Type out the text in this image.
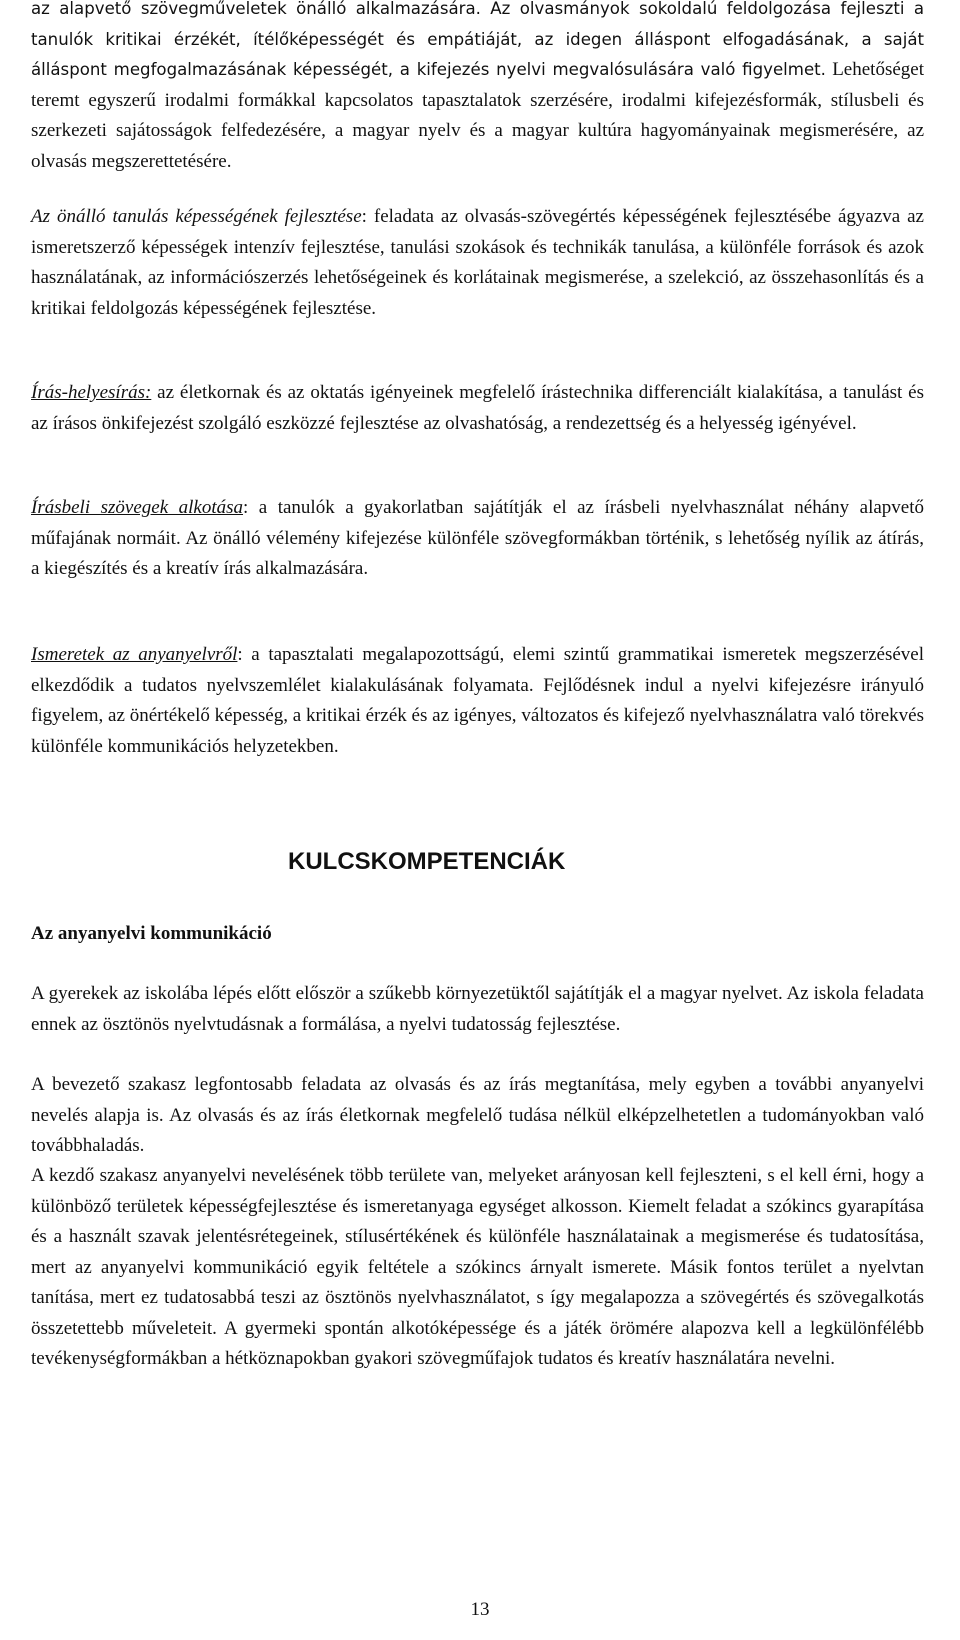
az alapvető szövegműveletek önálló alkalmazására. Az olvasmányok sokoldalú feldolgozása fejleszti a tanulók kritikai érzékét, ítélőképességét és empátiáját, az idegen álláspont elfogadásának, a saját álláspont megfogalmazásának képességét, a kifejezés nyelvi megvalósulására való figyelmet. Lehetőséget teremt egyszerű irodalmi formákkal kapcsolatos tapasztalatok szerzésére, irodalmi kifejezésformák, stílusbeli és szerkezeti sajátosságok felfedezésére, a magyar nyelv és a magyar kultúra hagyományainak megismerésére, az olvasás megszerettetésére.

Az önálló tanulás képességének fejlesztése: feladata az olvasás-szövegértés képességének fejlesztésébe ágyazva az ismeretszerző képességek intenzív fejlesztése, tanulási szokások és technikák tanulása, a különféle források és azok használatának, az információszerzés lehetőségeinek és korlátainak megismerése, a szelekció, az összehasonlítás és a kritikai feldolgozás képességének fejlesztése.

Írás-helyesírás: az életkornak és az oktatás igényeinek megfelelő írástechnika differenciált kialakítása, a tanulást és az írásos önkifejezést szolgáló eszközzé fejlesztése az olvashatóság, a rendezettség és a helyesség igényével.

Írásbeli szövegek alkotása: a tanulók a gyakorlatban sajátítják el az írásbeli nyelvhasználat néhány alapvető műfajának normáit. Az önálló vélemény kifejezése különféle szövegformákban történik, s lehetőség nyílik az átírás, a kiegészítés és a kreatív írás alkalmazására.

Ismeretek az anyanyelvről: a tapasztalati megalapozottságú, elemi szintű grammatikai ismeretek megszerzésével elkezdődik a tudatos nyelvszemlélet kialakulásának folyamata. Fejlődésnek indul a nyelvi kifejezésre irányuló figyelem, az önértékelő képesség, a kritikai érzék és az igényes, változatos és kifejező nyelvhasználatra való törekvés különféle kommunikációs helyzetekben.

KULCSKOMPETENCIÁK
Az anyanyelvi kommunikáció

A gyerekek az iskolába lépés előtt először a szűkebb környezetüktől sajátítják el a magyar nyelvet. Az iskola feladata ennek az ösztönös nyelvtudásnak a formálása, a nyelvi tudatosság fejlesztése.

A bevezető szakasz legfontosabb feladata az olvasás és az írás megtanítása, mely egyben a további anyanyelvi nevelés alapja is. Az olvasás és az írás életkornak megfelelő tudása nélkül elképzelhetetlen a tudományokban való továbbhaladás.

A kezdő szakasz anyanyelvi nevelésének több területe van, melyeket arányosan kell fejleszteni, s el kell érni, hogy a különböző területek képességfejlesztése és ismeretanyaga egységet alkosson. Kiemelt feladat a szókincs gyarapítása és a használt szavak jelentésrétegeinek, stílusértékének és különféle használatainak a megismerése és tudatosítása, mert az anyanyelvi kommunikáció egyik feltétele a szókincs árnyalt ismerete. Másik fontos terület a nyelvtan tanítása, mert ez tudatosabbá teszi az ösztönös nyelvhasználatot, s így megalapozza a szövegértés és szövegalkotás összetettebb műveleteit. A gyermeki spontán alkotóképessége és a játék örömére alapozva kell a legkülönfélébb tevékenységformákban a hétköznapokban gyakori szövegműfajok tudatos és kreatív használatára nevelni.

13
